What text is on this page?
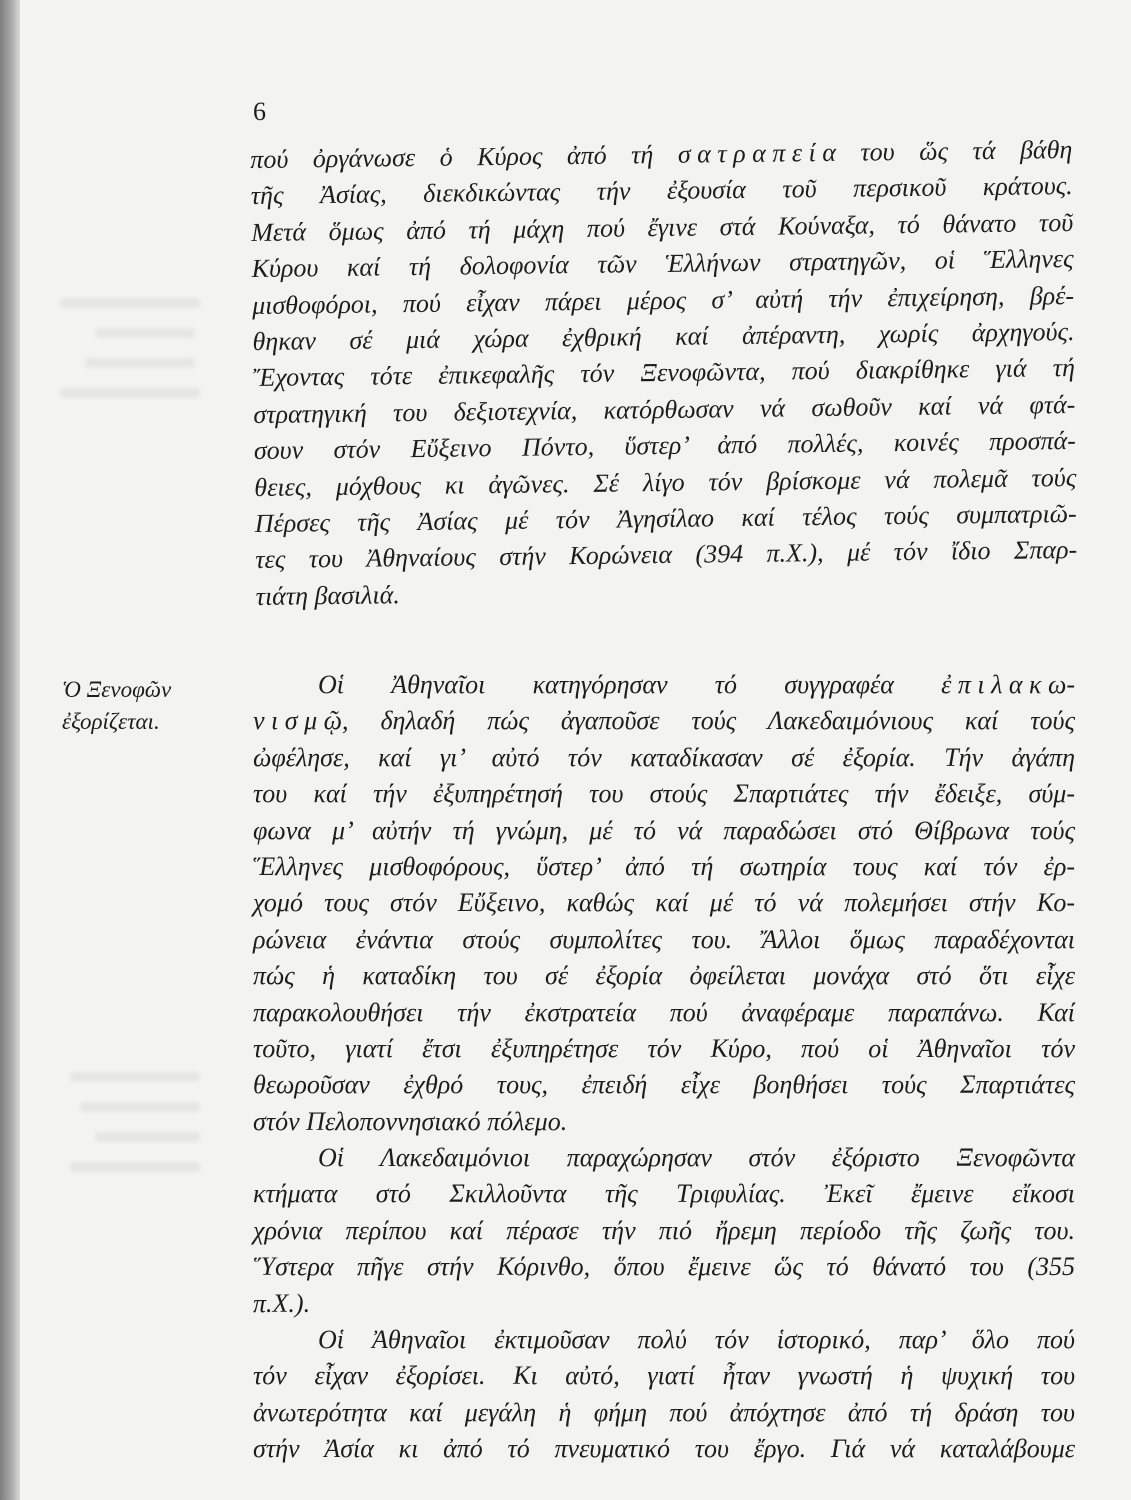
6
Ὁ Ξενοφῶν
ἐξορίζεται.
πού ὀργάνωσε ὁ Κύρος ἀπό τή σ α τ ρ α π ε ί α του ὥς τά βάθη
τῆς Ἀσίας, διεκδικώντας τήν ἐξουσία τοῦ περσικοῦ κράτους.
Μετά ὅμως ἀπό τή μάχη πού ἔγινε στά Κούναξα, τό θάνατο τοῦ
Κύρου καί τή δολοφονία τῶν Ἑλλήνων στρατηγῶν, οἱ Ἕλληνες
μισθοφόροι, πού εἶχαν πάρει μέρος σ’ αὐτή τήν ἐπιχείρηση, βρέ-
θηκαν σέ μιά χώρα ἐχθρική καί ἀπέραντη, χωρίς ἀρχηγούς.
Ἔχοντας τότε ἐπικεφαλῆς τόν Ξενοφῶντα, πού διακρίθηκε γιά τή
στρατηγική του δεξιοτεχνία, κατόρθωσαν νά σωθοῦν καί νά φτά-
σουν στόν Εὔξεινο Πόντο, ὕστερ’ ἀπό πολλές, κοινές προσπά-
θειες, μόχθους κι ἀγῶνες. Σέ λίγο τόν βρίσκομε νά πολεμᾶ τούς
Πέρσες τῆς Ἀσίας μέ τόν Ἀγησίλαο καί τέλος τούς συμπατριῶ-
τες του Ἀθηναίους στήν Κορώνεια (394 π.Χ.), μέ τόν ἴδιο Σπαρ-
τιάτη βασιλιά.
Οἱ Ἀθηναῖοι κατηγόρησαν τό συγγραφέα ἐ π ι λ α κ ω-
ν ι σ μ ῷ, δηλαδή πώς ἀγαποῦσε τούς Λακεδαιμόνιους καί τούς
ὠφέλησε, καί γι’ αὐτό τόν καταδίκασαν σέ ἐξορία. Τήν ἀγάπη
του καί τήν ἐξυπηρέτησή του στούς Σπαρτιάτες τήν ἔδειξε, σύμ-
φωνα μ’ αὐτήν τή γνώμη, μέ τό νά παραδώσει στό Θίβρωνα τούς
Ἕλληνες μισθοφόρους, ὕστερ’ ἀπό τή σωτηρία τους καί τόν ἐρ-
χομό τους στόν Εὔξεινο, καθώς καί μέ τό νά πολεμήσει στήν Κο-
ρώνεια ἐνάντια στούς συμπολίτες του. Ἄλλοι ὅμως παραδέχονται
πώς ἡ καταδίκη του σέ ἐξορία ὀφείλεται μονάχα στό ὅτι εἶχε
παρακολουθήσει τήν ἐκστρατεία πού ἀναφέραμε παραπάνω. Καί
τοῦτο, γιατί ἔτσι ἐξυπηρέτησε τόν Κύρο, πού οἱ Ἀθηναῖοι τόν
θεωροῦσαν ἐχθρό τους, ἐπειδή εἶχε βοηθήσει τούς Σπαρτιάτες
στόν Πελοποννησιακό πόλεμο.
Οἱ Λακεδαιμόνιοι παραχώρησαν στόν ἐξόριστο Ξενοφῶντα
κτήματα στό Σκιλλοῦντα τῆς Τριφυλίας. Ἐκεῖ ἔμεινε εἴκοσι
χρόνια περίπου καί πέρασε τήν πιό ἤρεμη περίοδο τῆς ζωῆς του.
Ὕστερα πῆγε στήν Κόρινθο, ὅπου ἔμεινε ὥς τό θάνατό του (355
π.Χ.).
Οἱ Ἀθηναῖοι ἐκτιμοῦσαν πολύ τόν ἱστορικό, παρ’ ὅλο πού
τόν εἶχαν ἐξορίσει. Κι αὐτό, γιατί ἦταν γνωστή ἡ ψυχική του
ἀνωτερότητα καί μεγάλη ἡ φήμη πού ἀπόχτησε ἀπό τή δράση του
στήν Ἀσία κι ἀπό τό πνευματικό του ἔργο. Γιά νά καταλάβουμε
